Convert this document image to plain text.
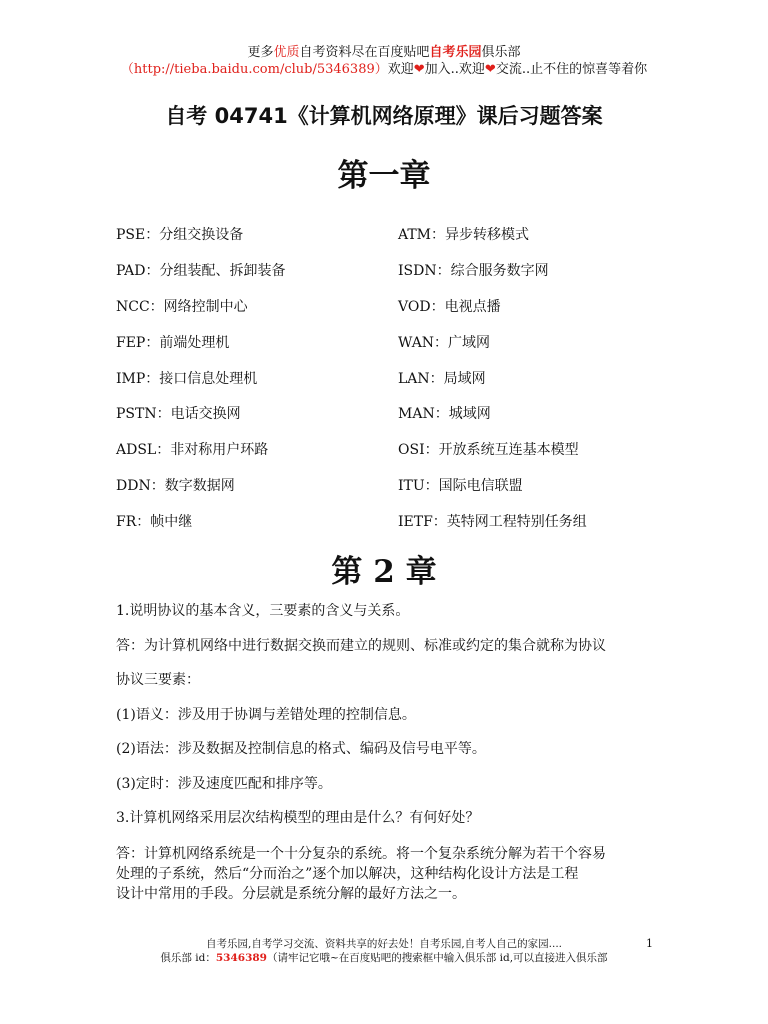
更多优质自考资料尽在百度贴吧自考乐园俱乐部
（http://tieba.baidu.com/club/5346389）欢迎❤加入..欢迎❤交流..止不住的惊喜等着你
自考 04741《计算机网络原理》课后习题答案
第一章
PSE：分组交换设备	ATM：异步转移模式
PAD：分组装配、拆卸装备	ISDN：综合服务数字网
NCC：网络控制中心	VOD：电视点播
FEP：前端处理机	WAN：广域网
IMP：接口信息处理机	LAN：局域网
PSTN：电话交换网	MAN：城域网
ADSL：非对称用户环路	OSI：开放系统互连基本模型
DDN：数字数据网	ITU：国际电信联盟
FR：帧中继	IETF：英特网工程特别任务组
第 2 章

1.说明协议的基本含义，三要素的含义与关系。

答：为计算机网络中进行数据交换而建立的规则、标准或约定的集合就称为协议

协议三要素：

(1)语义：涉及用于协调与差错处理的控制信息。

(2)语法：涉及数据及控制信息的格式、编码及信号电平等。

(3)定时：涉及速度匹配和排序等。

3.计算机网络采用层次结构模型的理由是什么？有何好处？

答：计算机网络系统是一个十分复杂的系统。将一个复杂系统分解为若干个容易
处理的子系统，然后“分而治之”逐个加以解决，这种结构化设计方法是工程
设计中常用的手段。分层就是系统分解的最好方法之一。
自考乐园,自考学习交流、资料共享的好去处！自考乐园,自考人自己的家园....
俱乐部 id：5346389（请牢记它哦~在百度贴吧的搜索框中输入俱乐部 id,可以直接进入俱乐部
1
